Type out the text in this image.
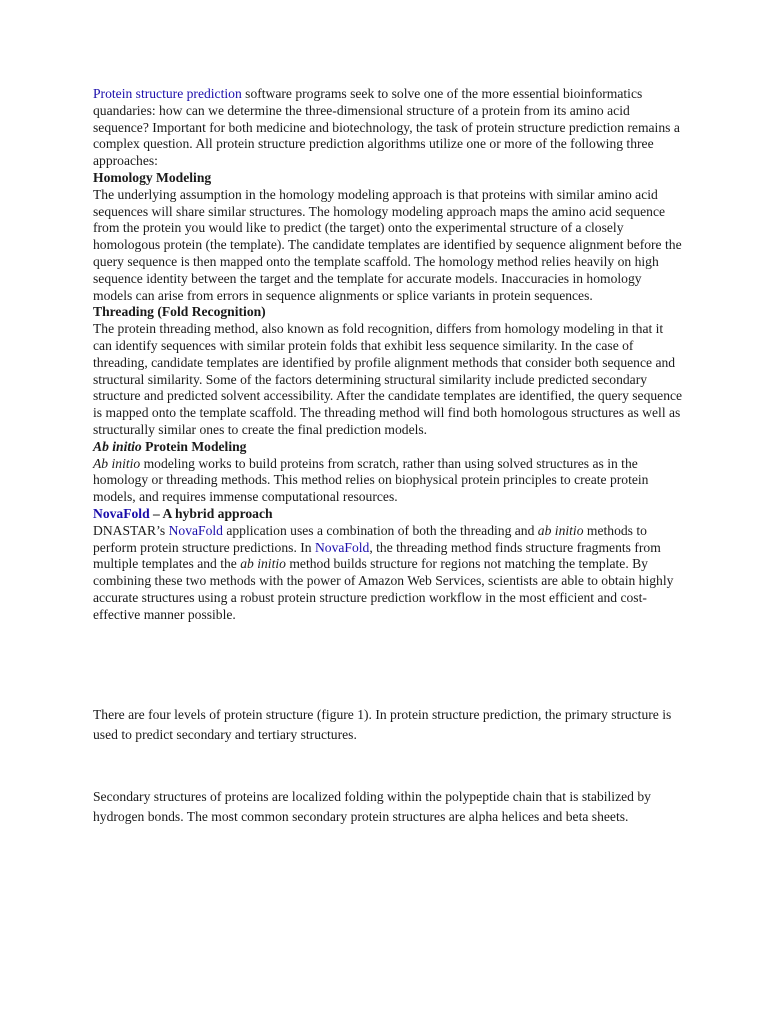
Protein structure prediction software programs seek to solve one of the more essential bioinformatics quandaries: how can we determine the three-dimensional structure of a protein from its amino acid sequence? Important for both medicine and biotechnology, the task of protein structure prediction remains a complex question. All protein structure prediction algorithms utilize one or more of the following three approaches:

Homology Modeling

The underlying assumption in the homology modeling approach is that proteins with similar amino acid sequences will share similar structures. The homology modeling approach maps the amino acid sequence from the protein you would like to predict (the target) onto the experimental structure of a closely homologous protein (the template). The candidate templates are identified by sequence alignment before the query sequence is then mapped onto the template scaffold. The homology method relies heavily on high sequence identity between the target and the template for accurate models. Inaccuracies in homology models can arise from errors in sequence alignments or splice variants in protein sequences.

Threading (Fold Recognition)

The protein threading method, also known as fold recognition, differs from homology modeling in that it can identify sequences with similar protein folds that exhibit less sequence similarity. In the case of threading, candidate templates are identified by profile alignment methods that consider both sequence and structural similarity. Some of the factors determining structural similarity include predicted secondary structure and predicted solvent accessibility. After the candidate templates are identified, the query sequence is mapped onto the template scaffold. The threading method will find both homologous structures as well as structurally similar ones to create the final prediction models.

Ab initio Protein Modeling

Ab initio modeling works to build proteins from scratch, rather than using solved structures as in the homology or threading methods. This method relies on biophysical protein principles to create protein models, and requires immense computational resources.

NovaFold – A hybrid approach

DNASTAR’s NovaFold application uses a combination of both the threading and ab initio methods to perform protein structure predictions. In NovaFold, the threading method finds structure fragments from multiple templates and the ab initio method builds structure for regions not matching the template. By combining these two methods with the power of Amazon Web Services, scientists are able to obtain highly accurate structures using a robust protein structure prediction workflow in the most efficient and cost-effective manner possible.

There are four levels of protein structure (figure 1). In protein structure prediction, the primary structure is used to predict secondary and tertiary structures.

Secondary structures of proteins are localized folding within the polypeptide chain that is stabilized by hydrogen bonds. The most common secondary protein structures are alpha helices and beta sheets.
